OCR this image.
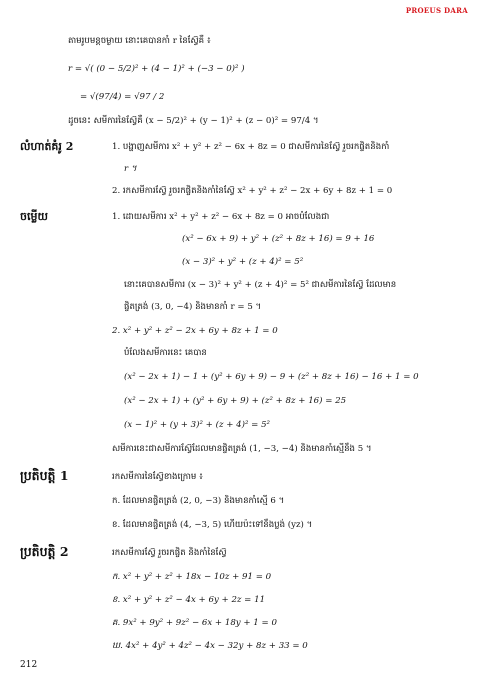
PROEUS DARA
តាមរូបមន្តចម្ងាយ នោះគេបានកាំ r នៃស្វ៊ែគឺ ៖
r = √( (0 − 5/2)² + (4 − 1)² + (−3 − 0)² )
= √(97/4) = √97 / 2
ដូចនេះ សមីការនៃស្វ៊ែគឺ (x − 5/2)² + (y − 1)² + (z − 0)² = 97/4 ។
លំហាត់គំរូ 2	1. បង្ហាញសមីការ x² + y² + z² − 6x + 8z = 0 ជាសមីការនៃស្វ៊ែ រួចរកផ្ចិតនិងកាំ
r ។
2. រកសមីការស្វ៊ែ រួចរកផ្ចិតនិងកាំនៃស្វ៊ែ x² + y² + z² − 2x + 6y + 8z + 1 = 0
ចម្លើយ	1. ដោយសមីការ x² + y² + z² − 6x + 8z = 0 អាចបំលែងជា
(x² − 6x + 9) + y² + (z² + 8z + 16) = 9 + 16
(x − 3)² + y² + (z + 4)² = 5²
នោះគេបានសមីការ (x − 3)² + y² + (z + 4)² = 5² ជាសមីការនៃស្វ៊ែ ដែលមាន
ផ្ចិតត្រង់ (3, 0, −4) និងមានកាំ r = 5 ។
2. x² + y² + z² − 2x + 6y + 8z + 1 = 0
បំលែងសមីការនេះ គេបាន
(x² − 2x + 1) − 1 + (y² + 6y + 9) − 9 + (z² + 8z + 16) − 16 + 1 = 0
(x² − 2x + 1) + (y² + 6y + 9) + (z² + 8z + 16) = 25
(x − 1)² + (y + 3)² + (z + 4)² = 5²
សមីការនេះជាសមីការស្វ៊ែដែលមានផ្ចិតត្រង់ (1, −3, −4) និងមានកាំស្មើនឹង 5 ។
ប្រតិបត្តិ 1	រកសមីការនៃស្វ៊ែខាងក្រោម ៖
ក. ដែលមានផ្ចិតត្រង់ (2, 0, −3) និងមានកាំស្មើ 6 ។
ខ. ដែលមានផ្ចិតត្រង់ (4, −3, 5) ហើយប៉ះទៅនឹងប្លង់ (yz) ។
ប្រតិបត្តិ 2	រកសមីការស្វ៊ែ រួចរកផ្ចិត និងកាំនៃស្វ៊ែ
ក. x² + y² + z² + 18x − 10z + 91 = 0
ខ. x² + y² + z² − 4x + 6y + 2z = 11
គ. 9x² + 9y² + 9z² − 6x + 18y + 1 = 0
ឃ. 4x² + 4y² + 4z² − 4x − 32y + 8z + 33 = 0
212
